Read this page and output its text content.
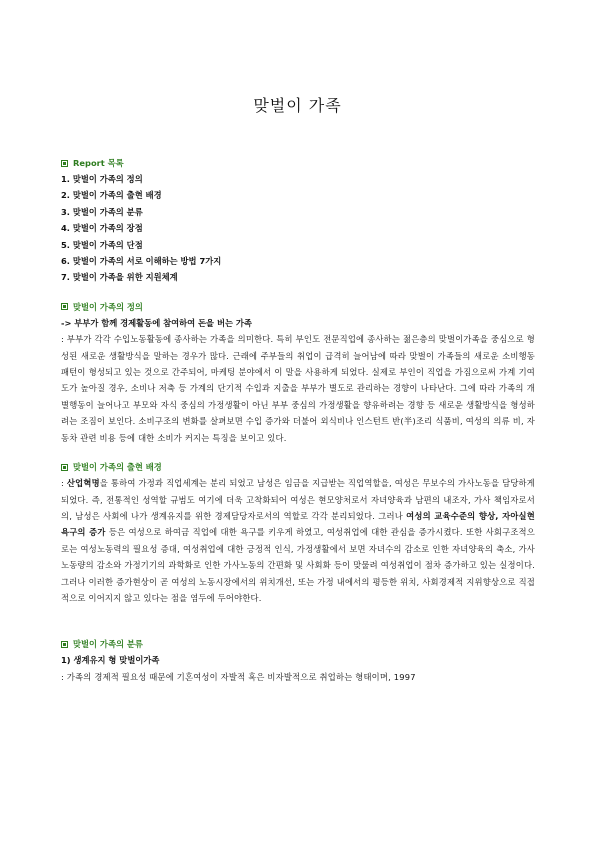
맞벌이 가족
Report 목록
1. 맞벌이 가족의 정의
2. 맞벌이 가족의 출현 배경
3. 맞벌이 가족의 분류
4. 맞벌이 가족의 장점
5. 맞벌이 가족의 단점
6. 맞벌이 가족의 서로 이해하는 방법 7가지
7. 맞벌이 가족을 위한 지원체계
맞벌이 가족의 정의
-> 부부가 함께 경제활동에 참여하여 돈을 버는 가족
: 부부가 각각 수입노동활동에 종사하는 가족을 의미한다. 특히 부인도 전문직업에 종사하는 젊은층의 맞벌이가족을 중심으로 형성된 새로운 생활방식을 말하는 경우가 많다. 근래에 주부들의 취업이 급격히 늘어남에 따라 맞벌이 가족들의 새로운 소비행동 패턴이 형성되고 있는 것으로 간주되어, 마케팅 분야에서 이 말을 사용하게 되었다. 실제로 부인이 직업을 가짐으로써 가계 기여도가 높아질 경우, 소비나 저축 등 가계의 단기적 수입과 지출을 부부가 별도로 관리하는 경향이 나타난다. 그에 따라 가족의 개별행동이 늘어나고 부모와 자식 중심의 가정생활이 아닌 부부 중심의 가정생활을 향유하려는 경향 등 새로운 생활방식을 형성하려는 조짐이 보인다. 소비구조의 변화를 살펴보면 수입 증가와 더불어 외식비나 인스턴트 반(半)조리 식품비, 여성의 의류 비, 자동차 관련 비용 등에 대한 소비가 커지는 특징을 보이고 있다.
맞벌이 가족의 출현 배경
: 산업혁명을 통하여 가정과 직업세계는 분리 되었고 남성은 임금을 지급받는 직업역할을, 여성은 무보수의 가사노동을 담당하게 되었다. 즉, 전통적인 성역할 규범도 여기에 더욱 고착화되어 여성은 현모양처로서 자녀양육과 남편의 내조자, 가사 책임자로서의, 남성은 사회에 나가 생계유지를 위한 경제담당자로서의 역할로 각각 분리되었다. 그러나 여성의 교육수준의 향상, 자아실현 욕구의 증가 등은 여성으로 하여금 직업에 대한 욕구를 키우게 하였고, 여성취업에 대한 관심을 증가시켰다. 또한 사회구조적으로는 여성노동력의 필요성 증대, 여성취업에 대한 긍정적 인식, 가정생활에서 보면 자녀수의 감소로 인한 자녀양육의 축소, 가사노동량의 감소와 가정기기의 과학화로 인한 가사노동의 간편화 및 사회화 등이 맞물려 여성취업이 점차 증가하고 있는 실정이다. 그러나 이러한 증가현상이 곧 여성의 노동시장에서의 위치개선, 또는 가정 내에서의 평등한 위치, 사회경제적 지위향상으로 직접적으로 이어지지 않고 있다는 점을 염두에 두어야한다.
맞벌이 가족의 분류
1) 생계유지 형 맞벌이가족
: 가족의 경제적 필요성 때문에 기혼여성이 자발적 혹은 비자발적으로 취업하는 형태이며, 1997
